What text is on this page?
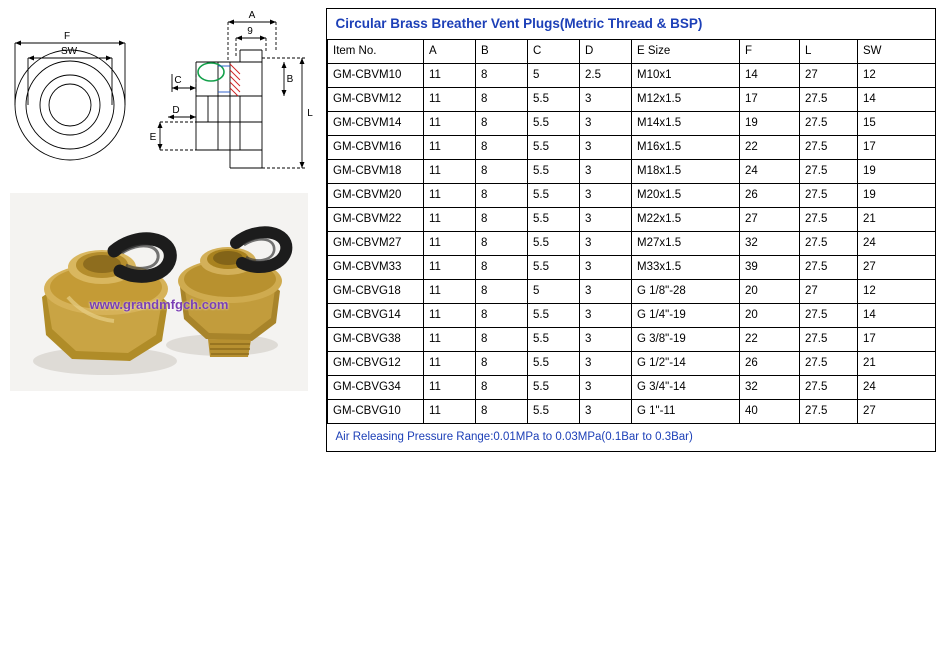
F
SW
A
9
B
C
D
E
L
www.grandmfgch.com
Circular Brass Breather Vent Plugs(Metric Thread & BSP)								
Item No.	A	B	C	D	E Size	F	L	SW
GM-CBVM10	11	8	5	2.5	M10x1	14	27	12
GM-CBVM12	11	8	5.5	3	M12x1.5	17	27.5	14
GM-CBVM14	11	8	5.5	3	M14x1.5	19	27.5	15
GM-CBVM16	11	8	5.5	3	M16x1.5	22	27.5	17
GM-CBVM18	11	8	5.5	3	M18x1.5	24	27.5	19
GM-CBVM20	11	8	5.5	3	M20x1.5	26	27.5	19
GM-CBVM22	11	8	5.5	3	M22x1.5	27	27.5	21
GM-CBVM27	11	8	5.5	3	M27x1.5	32	27.5	24
GM-CBVM33	11	8	5.5	3	M33x1.5	39	27.5	27
GM-CBVG18	11	8	5	3	G 1/8"-28	20	27	12
GM-CBVG14	11	8	5.5	3	G 1/4"-19	20	27.5	14
GM-CBVG38	11	8	5.5	3	G 3/8"-19	22	27.5	17
GM-CBVG12	11	8	5.5	3	G 1/2"-14	26	27.5	21
GM-CBVG34	11	8	5.5	3	G 3/4"-14	32	27.5	24
GM-CBVG10	11	8	5.5	3	G 1"-11	40	27.5	27
Air Releasing Pressure Range:0.01MPa to 0.03MPa(0.1Bar to 0.3Bar)								
